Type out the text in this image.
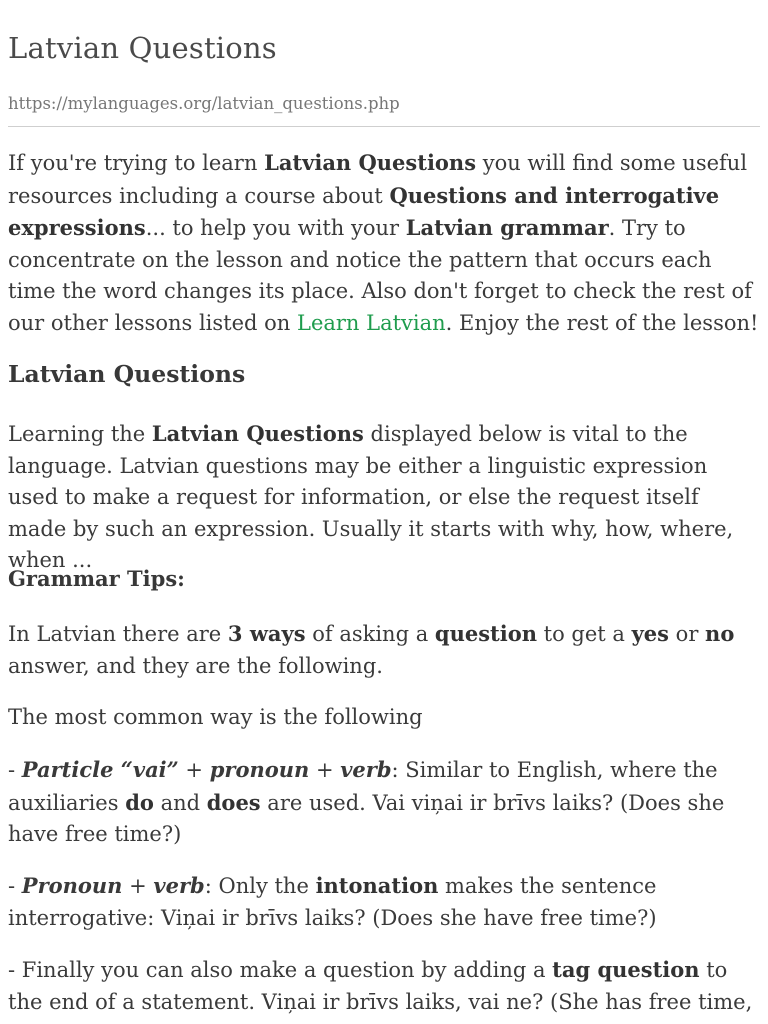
Latvian Questions
https://mylanguages.org/latvian_questions.php

If you're trying to learn Latvian Questions you will find some useful resources including a course about Questions and interrogative expressions... to help you with your Latvian grammar. Try to concentrate on the lesson and notice the pattern that occurs each time the word changes its place. Also don't forget to check the rest of our other lessons listed on Learn Latvian. Enjoy the rest of the lesson!

Latvian Questions

Learning the Latvian Questions displayed below is vital to the language. Latvian questions may be either a linguistic expression used to make a request for information, or else the request itself made by such an expression. Usually it starts with why, how, where, when ...

Grammar Tips:

In Latvian there are 3 ways of asking a question to get a yes or no answer, and they are the following.

The most common way is the following

- Particle “vai” + pronoun + verb: Similar to English, where the auxiliaries do and does are used. Vai viņai ir brīvs laiks? (Does she have free time?)

- Pronoun + verb: Only the intonation makes the sentence interrogative: Viņai ir brīvs laiks? (Does she have free time?)

- Finally you can also make a question by adding a tag question to the end of a statement. Viņai ir brīvs laiks, vai ne? (She has free time,
